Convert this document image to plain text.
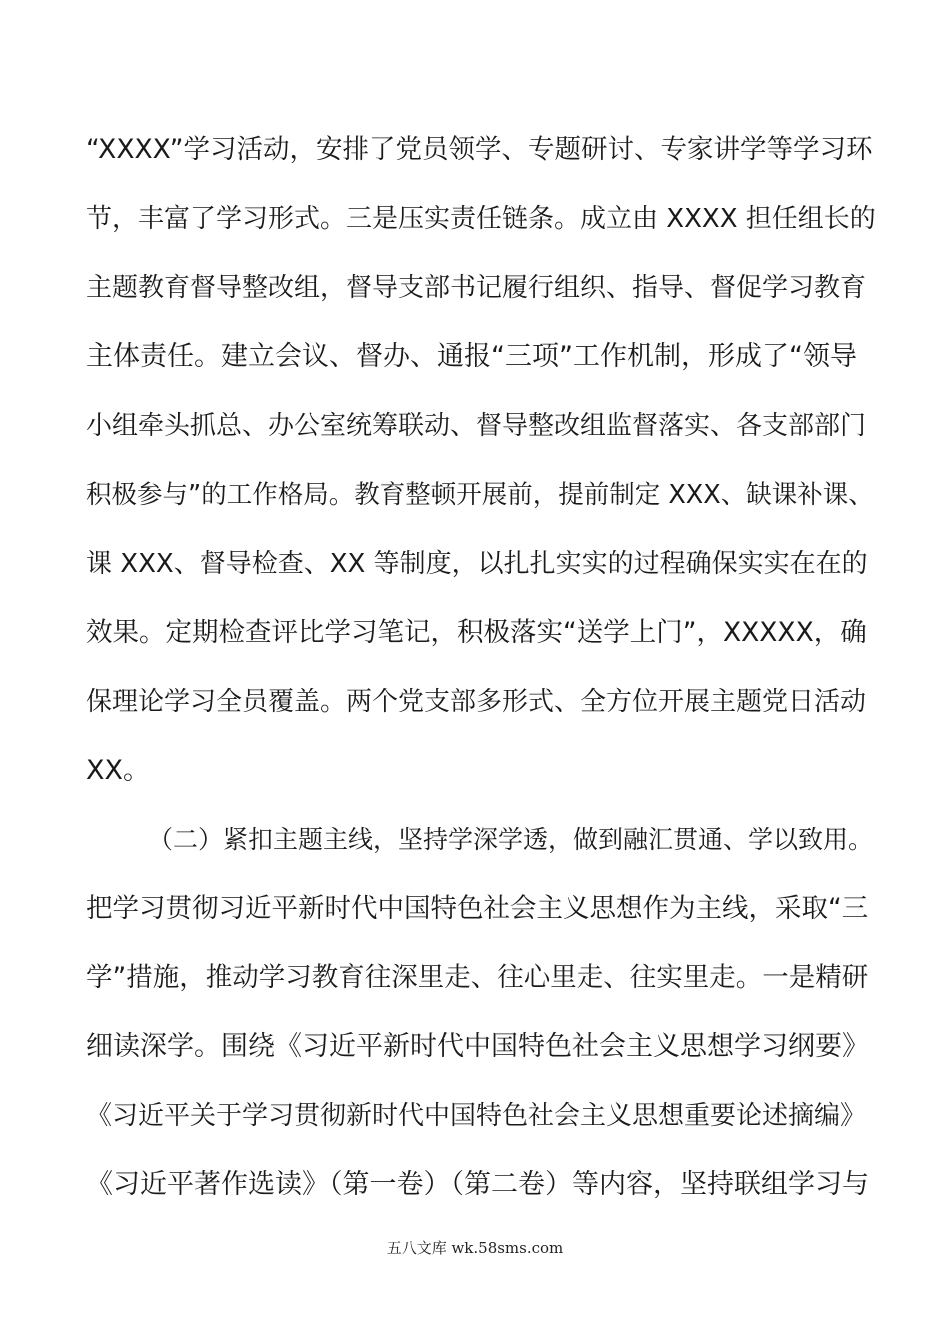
“XXXX”学习活动，安排了党员领学、专题研讨、专家讲学等学习环
节，丰富了学习形式。三是压实责任链条。成立由 XXXX 担任组长的
主题教育督导整改组，督导支部书记履行组织、指导、督促学习教育
主体责任。建立会议、督办、通报“三项”工作机制，形成了“领导
小组牵头抓总、办公室统筹联动、督导整改组监督落实、各支部部门
积极参与”的工作格局。教育整顿开展前，提前制定 XXX、缺课补课、
课 XXX、督导检查、XX 等制度，以扎扎实实的过程确保实实在在的
效果。定期检查评比学习笔记，积极落实“送学上门”，XXXXX，确
保理论学习全员覆盖。两个党支部多形式、全方位开展主题党日活动
XX。
（二）紧扣主题主线，坚持学深学透，做到融汇贯通、学以致用。
把学习贯彻习近平新时代中国特色社会主义思想作为主线，采取“三
学”措施，推动学习教育往深里走、往心里走、往实里走。一是精研
细读深学。围绕《习近平新时代中国特色社会主义思想学习纲要》
《习近平关于学习贯彻新时代中国特色社会主义思想重要论述摘编》
《习近平著作选读》（第一卷）（第二卷）等内容，坚持联组学习与
五八文库 wk.58sms.com
